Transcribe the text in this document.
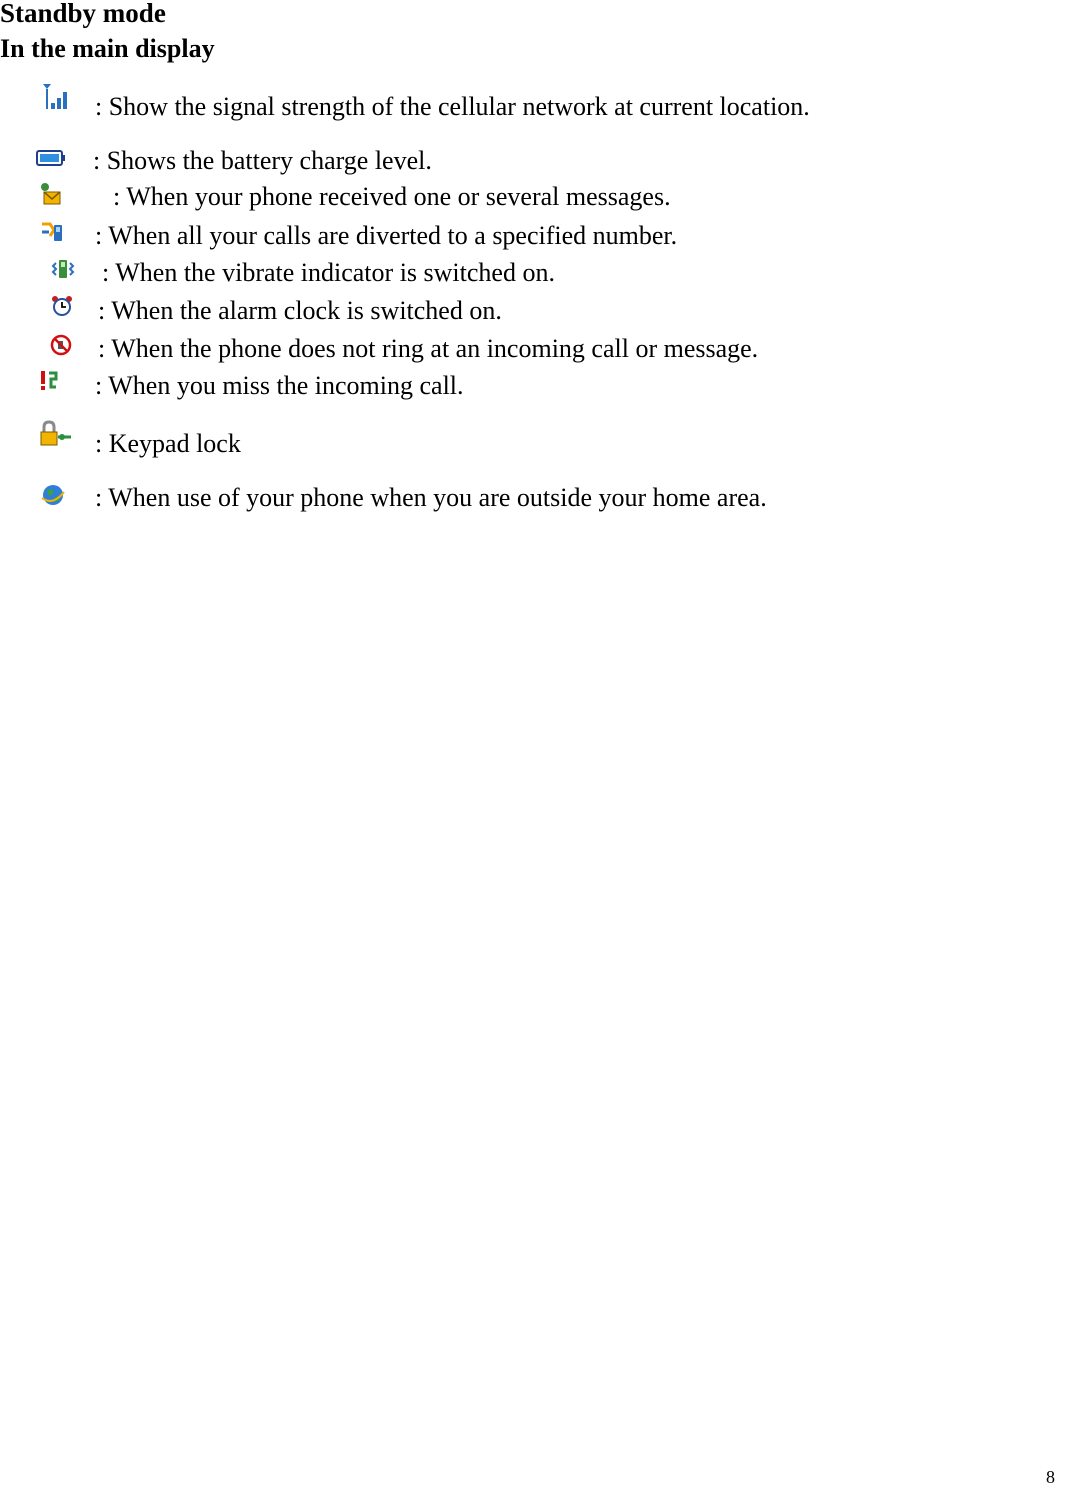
Standby mode
In the main display
: Show the signal strength of the cellular network at current location.
: Shows the battery charge level.
: When your phone received one or several messages.
: When all your calls are diverted to a specified number.
: When the vibrate indicator is switched on.
: When the alarm clock is switched on.
: When the phone does not ring at an incoming call or message.
: When you miss the incoming call.
: Keypad lock
: When use of your phone when you are outside your home area.
8
